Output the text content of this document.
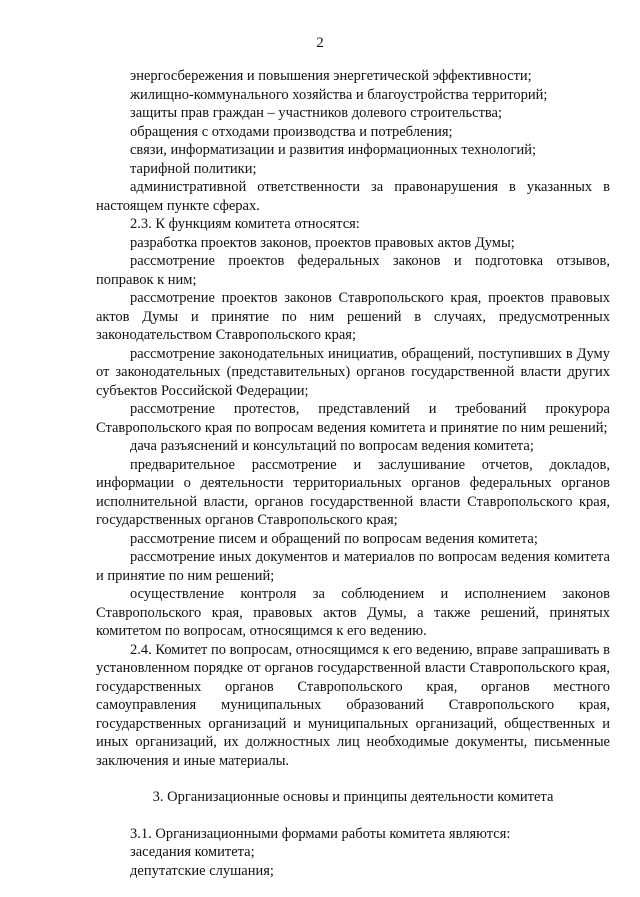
2

энергосбережения и повышения энергетической эффективности;

жилищно-коммунального хозяйства и благоустройства территорий;

защиты прав граждан – участников долевого строительства;

обращения с отходами производства и потребления;

связи, информатизации и развития информационных технологий;

тарифной политики;

административной ответственности за правонарушения в указанных в настоящем пункте сферах.

2.3. К функциям комитета относятся:

разработка проектов законов, проектов правовых актов Думы;

рассмотрение проектов федеральных законов и подготовка отзывов, поправок к ним;

рассмотрение проектов законов Ставропольского края, проектов правовых актов Думы и принятие по ним решений в случаях, предусмотренных законодательством Ставропольского края;

рассмотрение законодательных инициатив, обращений, поступивших в Думу от законодательных (представительных) органов государственной власти других субъектов Российской Федерации;

рассмотрение протестов, представлений и требований прокурора Ставропольского края по вопросам ведения комитета и принятие по ним решений;

дача разъяснений и консультаций по вопросам ведения комитета;

предварительное рассмотрение и заслушивание отчетов, докладов, информации о деятельности территориальных органов федеральных органов исполнительной власти, органов государственной власти Ставропольского края, государственных органов Ставропольского края;

рассмотрение писем и обращений по вопросам ведения комитета;

рассмотрение иных документов и материалов по вопросам ведения комитета и принятие по ним решений;

осуществление контроля за соблюдением и исполнением законов Ставропольского края, правовых актов Думы, а также решений, принятых комитетом по вопросам, относящимся к его ведению.

2.4. Комитет по вопросам, относящимся к его ведению, вправе запрашивать в установленном порядке от органов государственной власти Ставропольского края, государственных органов Ставропольского края, органов местного самоуправления муниципальных образований Ставропольского края, государственных организаций и муниципальных организаций, общественных и иных организаций, их должностных лиц необходимые документы, письменные заключения и иные материалы.

3. Организационные основы и принципы деятельности комитета

3.1. Организационными формами работы комитета являются:

заседания комитета;

депутатские слушания;
